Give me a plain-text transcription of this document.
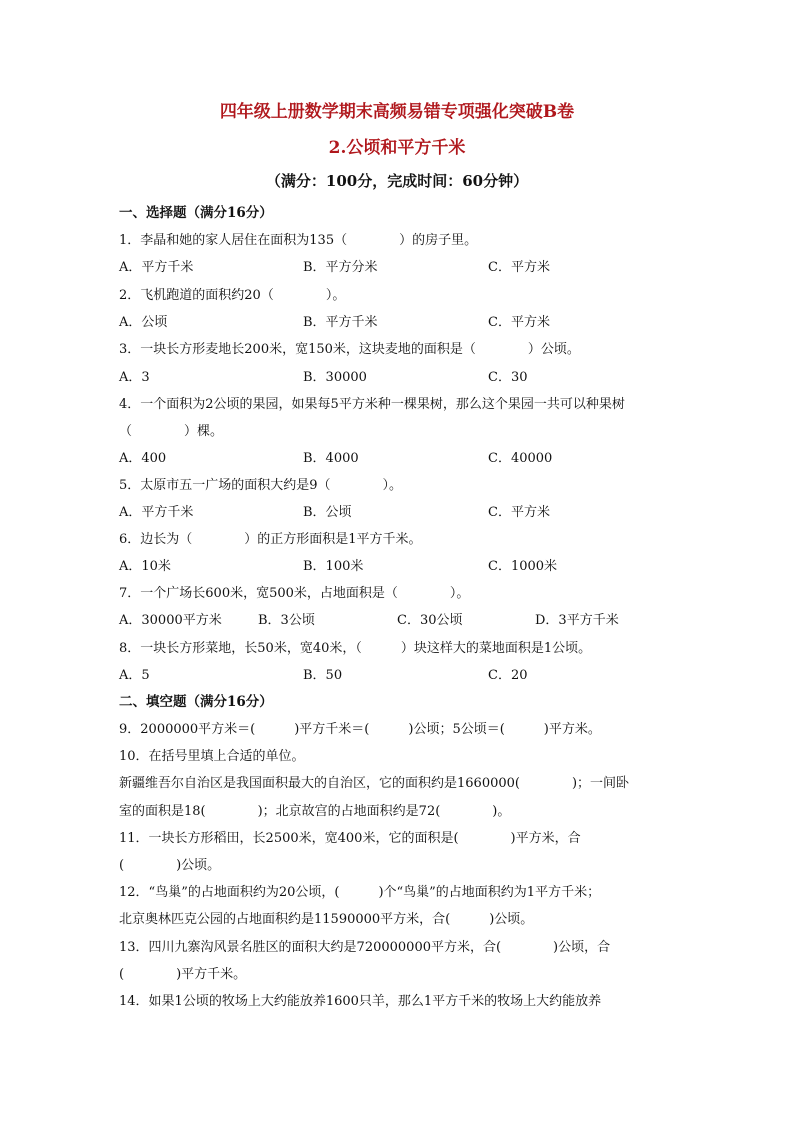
四年级上册数学期末高频易错专项强化突破B卷
2.公顷和平方千米
（满分：100分，完成时间：60分钟）
一、选择题（满分16分）
1．李晶和她的家人居住在面积为135（　　　　）的房子里。
A．平方千米	B．平方分米	C．平方米
2．飞机跑道的面积约20（　　　　）。
A．公顷	B．平方千米	C．平方米
3．一块长方形麦地长200米，宽150米，这块麦地的面积是（　　　　）公顷。
A．3	B．30000	C．30
4．一个面积为2公顷的果园，如果每5平方米种一棵果树，那么这个果园一共可以种果树
（　　　　）棵。
A．400	B．4000	C．40000
5．太原市五一广场的面积大约是9（　　　　）。
A．平方千米	B．公顷	C．平方米
6．边长为（　　　　）的正方形面积是1平方千米。
A．10米	B．100米	C．1000米
7．一个广场长600米，宽500米，占地面积是（　　　　）。
A．30000平方米	B．3公顷	C．30公顷	D．3平方千米
8．一块长方形菜地，长50米，宽40米，（　　　）块这样大的菜地面积是1公顷。
A．5	B．50	C．20
二、填空题（满分16分）
9．2000000平方米＝(　　　)平方千米＝(　　　)公顷；5公顷＝(　　　)平方米。
10．在括号里填上合适的单位。
新疆维吾尔自治区是我国面积最大的自治区，它的面积约是1660000(　　　　)；一间卧
室的面积是18(　　　　)；北京故宫的占地面积约是72(　　　　)。
11．一块长方形稻田，长2500米，宽400米，它的面积是(　　　　)平方米，合
(　　　　)公顷。
12．“鸟巢”的占地面积约为20公顷，(　　　)个“鸟巢”的占地面积约为1平方千米；
北京奥林匹克公园的占地面积约是11590000平方米，合(　　　)公顷。
13．四川九寨沟风景名胜区的面积大约是720000000平方米，合(　　　　)公顷，合
(　　　　)平方千米。
14．如果1公顷的牧场上大约能放养1600只羊，那么1平方千米的牧场上大约能放养
